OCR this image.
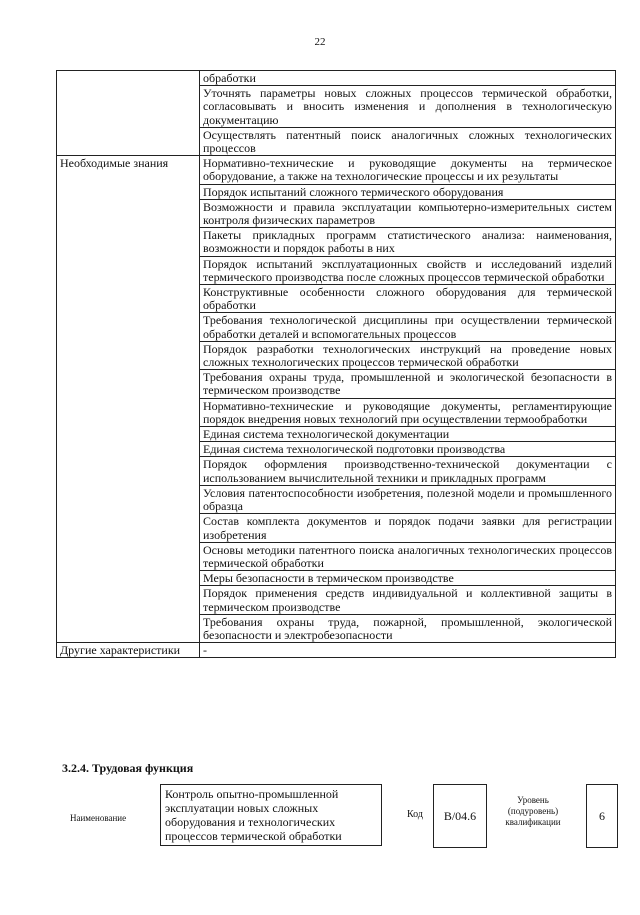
22
	обработки
	Уточнять параметры новых сложных процессов термической обработки, согласовывать и вносить изменения и дополнения в технологическую документацию
	Осуществлять патентный поиск аналогичных сложных технологических процессов
Необходимые знания	Нормативно-технические и руководящие документы на термическое оборудование, а также на технологические процессы и их результаты
	Порядок испытаний сложного термического оборудования
	Возможности и правила эксплуатации компьютерно-измерительных систем контроля физических параметров
	Пакеты прикладных программ статистического анализа: наименования, возможности и порядок работы в них
	Порядок испытаний эксплуатационных свойств и исследований изделий термического производства после сложных процессов термической обработки
	Конструктивные особенности сложного оборудования для термической обработки
	Требования технологической дисциплины при осуществлении термической обработки деталей и вспомогательных процессов
	Порядок разработки технологических инструкций на проведение новых сложных технологических процессов термической обработки
	Требования охраны труда, промышленной и экологической безопасности в термическом производстве
	Нормативно-технические и руководящие документы, регламентирующие порядок внедрения новых технологий при осуществлении термообработки
	Единая система технологической документации
	Единая система технологической подготовки производства
	Порядок оформления производственно-технической документации с использованием вычислительной техники и прикладных программ
	Условия патентоспособности изобретения, полезной модели и промышленного образца
	Состав комплекта документов и порядок подачи заявки для регистрации изобретения
	Основы методики патентного поиска аналогичных технологических процессов термической обработки
	Меры безопасности в термическом производстве
	Порядок применения средств индивидуальной и коллективной защиты в термическом производстве
	Требования охраны труда, пожарной, промышленной, экологической безопасности и электробезопасности
Другие характеристики	-
3.2.4. Трудовая функция
Наименование
Контроль опытно-промышленной эксплуатации новых сложных оборудования и технологических процессов термической обработки
Код	B/04.6
Уровень (подуровень) квалификации	6
